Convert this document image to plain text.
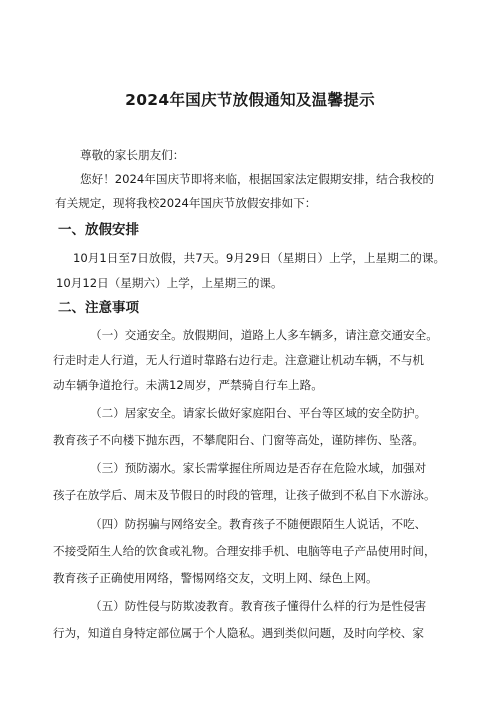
2024年国庆节放假通知及温馨提示
尊敬的家长朋友们：
您好！2024年国庆节即将来临，根据国家法定假期安排，结合我校的
有关规定，现将我校2024年国庆节放假安排如下：
一、放假安排
10月1日至7日放假，共7天。9月29日（星期日）上学，上星期二的课。
10月12日（星期六）上学，上星期三的课。
二、注意事项
（一）交通安全。放假期间，道路上人多车辆多，请注意交通安全。
行走时走人行道，无人行道时靠路右边行走。注意避让机动车辆，不与机
动车辆争道抢行。未满12周岁，严禁骑自行车上路。
（二）居家安全。请家长做好家庭阳台、平台等区域的安全防护。
教育孩子不向楼下抛东西，不攀爬阳台、门窗等高处，谨防摔伤、坠落。
（三）预防溺水。家长需掌握住所周边是否存在危险水域，加强对
孩子在放学后、周末及节假日的时段的管理，让孩子做到不私自下水游泳。
（四）防拐骗与网络安全。教育孩子不随便跟陌生人说话，不吃、
不接受陌生人给的饮食或礼物。合理安排手机、电脑等电子产品使用时间，
教育孩子正确使用网络，警惕网络交友，文明上网、绿色上网。
（五）防性侵与防欺凌教育。教育孩子懂得什么样的行为是性侵害
行为，知道自身特定部位属于个人隐私。遇到类似问题，及时向学校、家
